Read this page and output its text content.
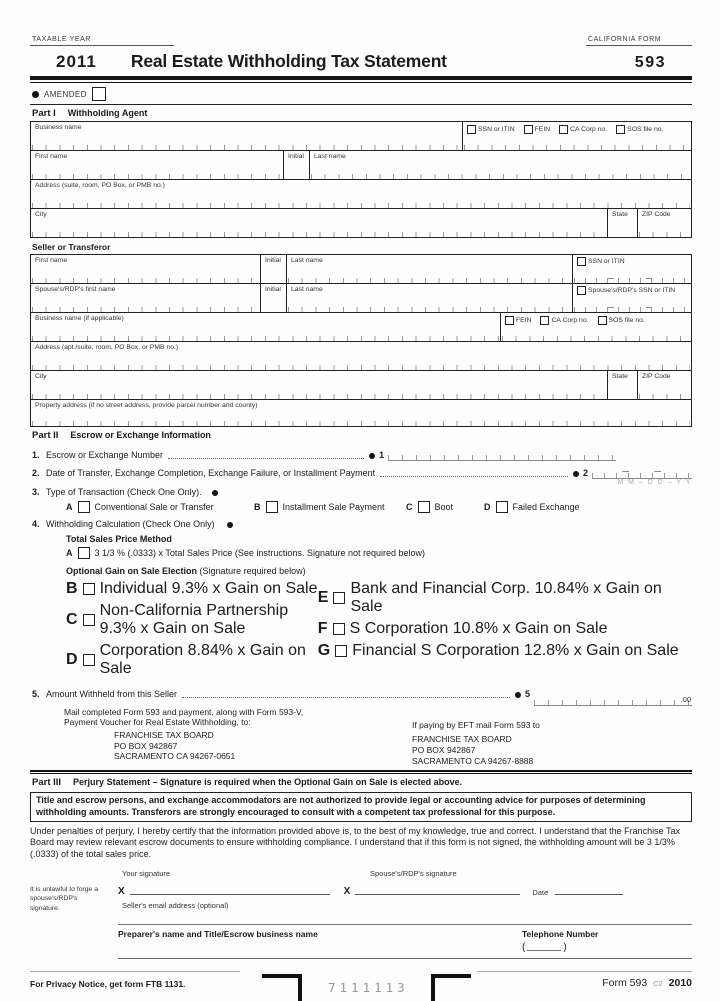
TAXABLE YEAR	CALIFORNIA FORM
2011 Real Estate Withholding Tax Statement	593
AMENDED
Part I Withholding Agent
Business name	SSN or ITIN	FEIN	CA Corp no.	SOS file no.
First name	Initial	Last name
Address (suite, room, PO Box, or PMB no.)
City	State	ZIP Code
Seller or Transferor
First name	Initial	Last name	SSN or ITIN
Spouse's/RDP's first name	Initial	Last name	Spouse's/RDP's SSN or ITIN
Business name (if applicable)	FEIN	CA Corp no.	SOS file no.
Address (apt./suite, room, PO Box, or PMB no.)
City	State	ZIP Code
Property address (if no street address, provide parcel number and county)
Part II Escrow or Exchange Information
1. Escrow or Exchange Number	1
2. Date of Transfer, Exchange Completion, Exchange Failure, or Installment Payment	2
M M – D D – Y Y
3. Type of Transaction (Check One Only).
A Conventional Sale or Transfer	B Installment Sale Payment C Boot	D Failed Exchange
4. Withholding Calculation (Check One Only)
Total Sales Price Method
A 3 1/3 % (.0333) x Total Sales Price (See instructions. Signature not required below)
Optional Gain on Sale Election (Signature required below)
B Individual 9.3% x Gain on Sale
C
Non-California Partnership 9.3% x Gain on Sale
D
Corporation 8.84% x Gain on Sale
E
Bank and Financial Corp. 10.84% x Gain on Sale
F S Corporation 10.8% x Gain on Sale
G Financial S Corporation 12.8% x Gain on Sale
5. Amount Withheld from this Seller	5
.00
Mail completed Form 593 and payment, along with Form 593-V,
Payment Voucher for Real Estate Withholding, to:
FRANCHISE TAX BOARD
PO BOX 942867
SACRAMENTO CA 94267-0651
If paying by EFT mail Form 593 to
FRANCHISE TAX BOARD
PO BOX 942867
SACRAMENTO CA 94267-8888
Part III Perjury Statement – Signature is required when the Optional Gain on Sale is elected above.
Title and escrow persons, and exchange accommodators are not authorized to provide legal or accounting advice for purposes of determining withholding amounts. Transferors are strongly encouraged to consult with a competent tax professional for this purpose.
Under penalties of perjury, I hereby certify that the information provided above is, to the best of my knowledge, true and correct. I understand that the Franchise Tax Board may review relevant escrow documents to ensure withholding compliance. I understand that if this form is not signed, the withholding amount will be 3 1/3% (.0333) of the total sales price.
It is unlawful to forge a spouse's/RDP's signature.
Your signature	Spouse's/RDP's signature
X	X	Date
Seller's email address (optional)
Preparer's name and Title/Escrow business name	Telephone Number
(	)
For Privacy Notice, get form FTB 1131.	7111113	Form 593 C2 2010
